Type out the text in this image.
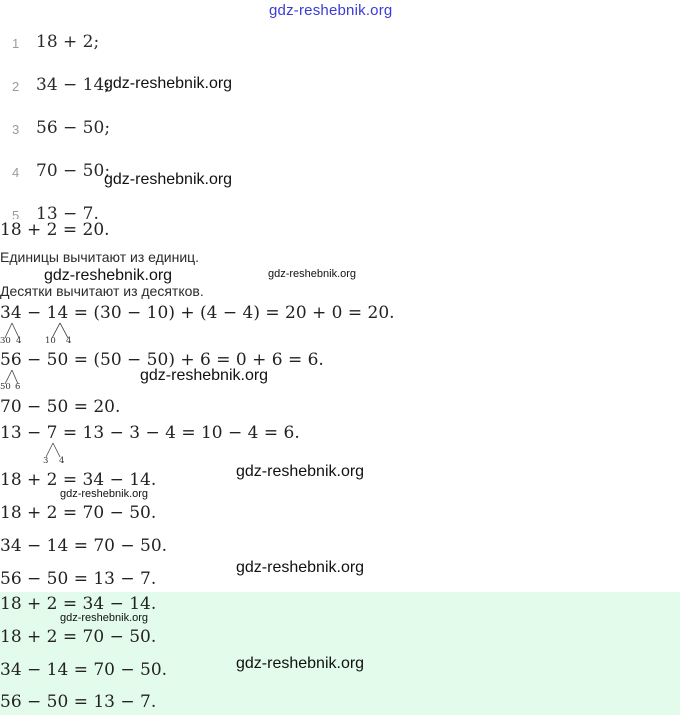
gdz-reshebnik.org
1 18 + 2;
2 34 − 14;
3 56 − 50;
4 70 − 50;
5 13 − 7.
18 + 2 = 20.
Единицы вычитают из единиц.
Десятки вычитают из десятков.
34 − 14 = (30 − 10) + (4 − 4) = 20 + 0 = 20.
30 4	10 4
56 − 50 = (50 − 50) + 6 = 0 + 6 = 6.
50 6
70 − 50 = 20.
13 − 7 = 13 − 3 − 4 = 10 − 4 = 6.
3 4
18 + 2 = 34 − 14.
18 + 2 = 70 − 50.
34 − 14 = 70 − 50.
56 − 50 = 13 − 7.
18 + 2 = 34 − 14.
18 + 2 = 70 − 50.
34 − 14 = 70 − 50.
56 − 50 = 13 − 7.
gdz-reshebnik.org
gdz-reshebnik.org
gdz-reshebnik.org	gdz-reshebnik.org
gdz-reshebnik.org
gdz-reshebnik.org
gdz-reshebnik.org
gdz-reshebnik.org
gdz-reshebnik.org
gdz-reshebnik.org
